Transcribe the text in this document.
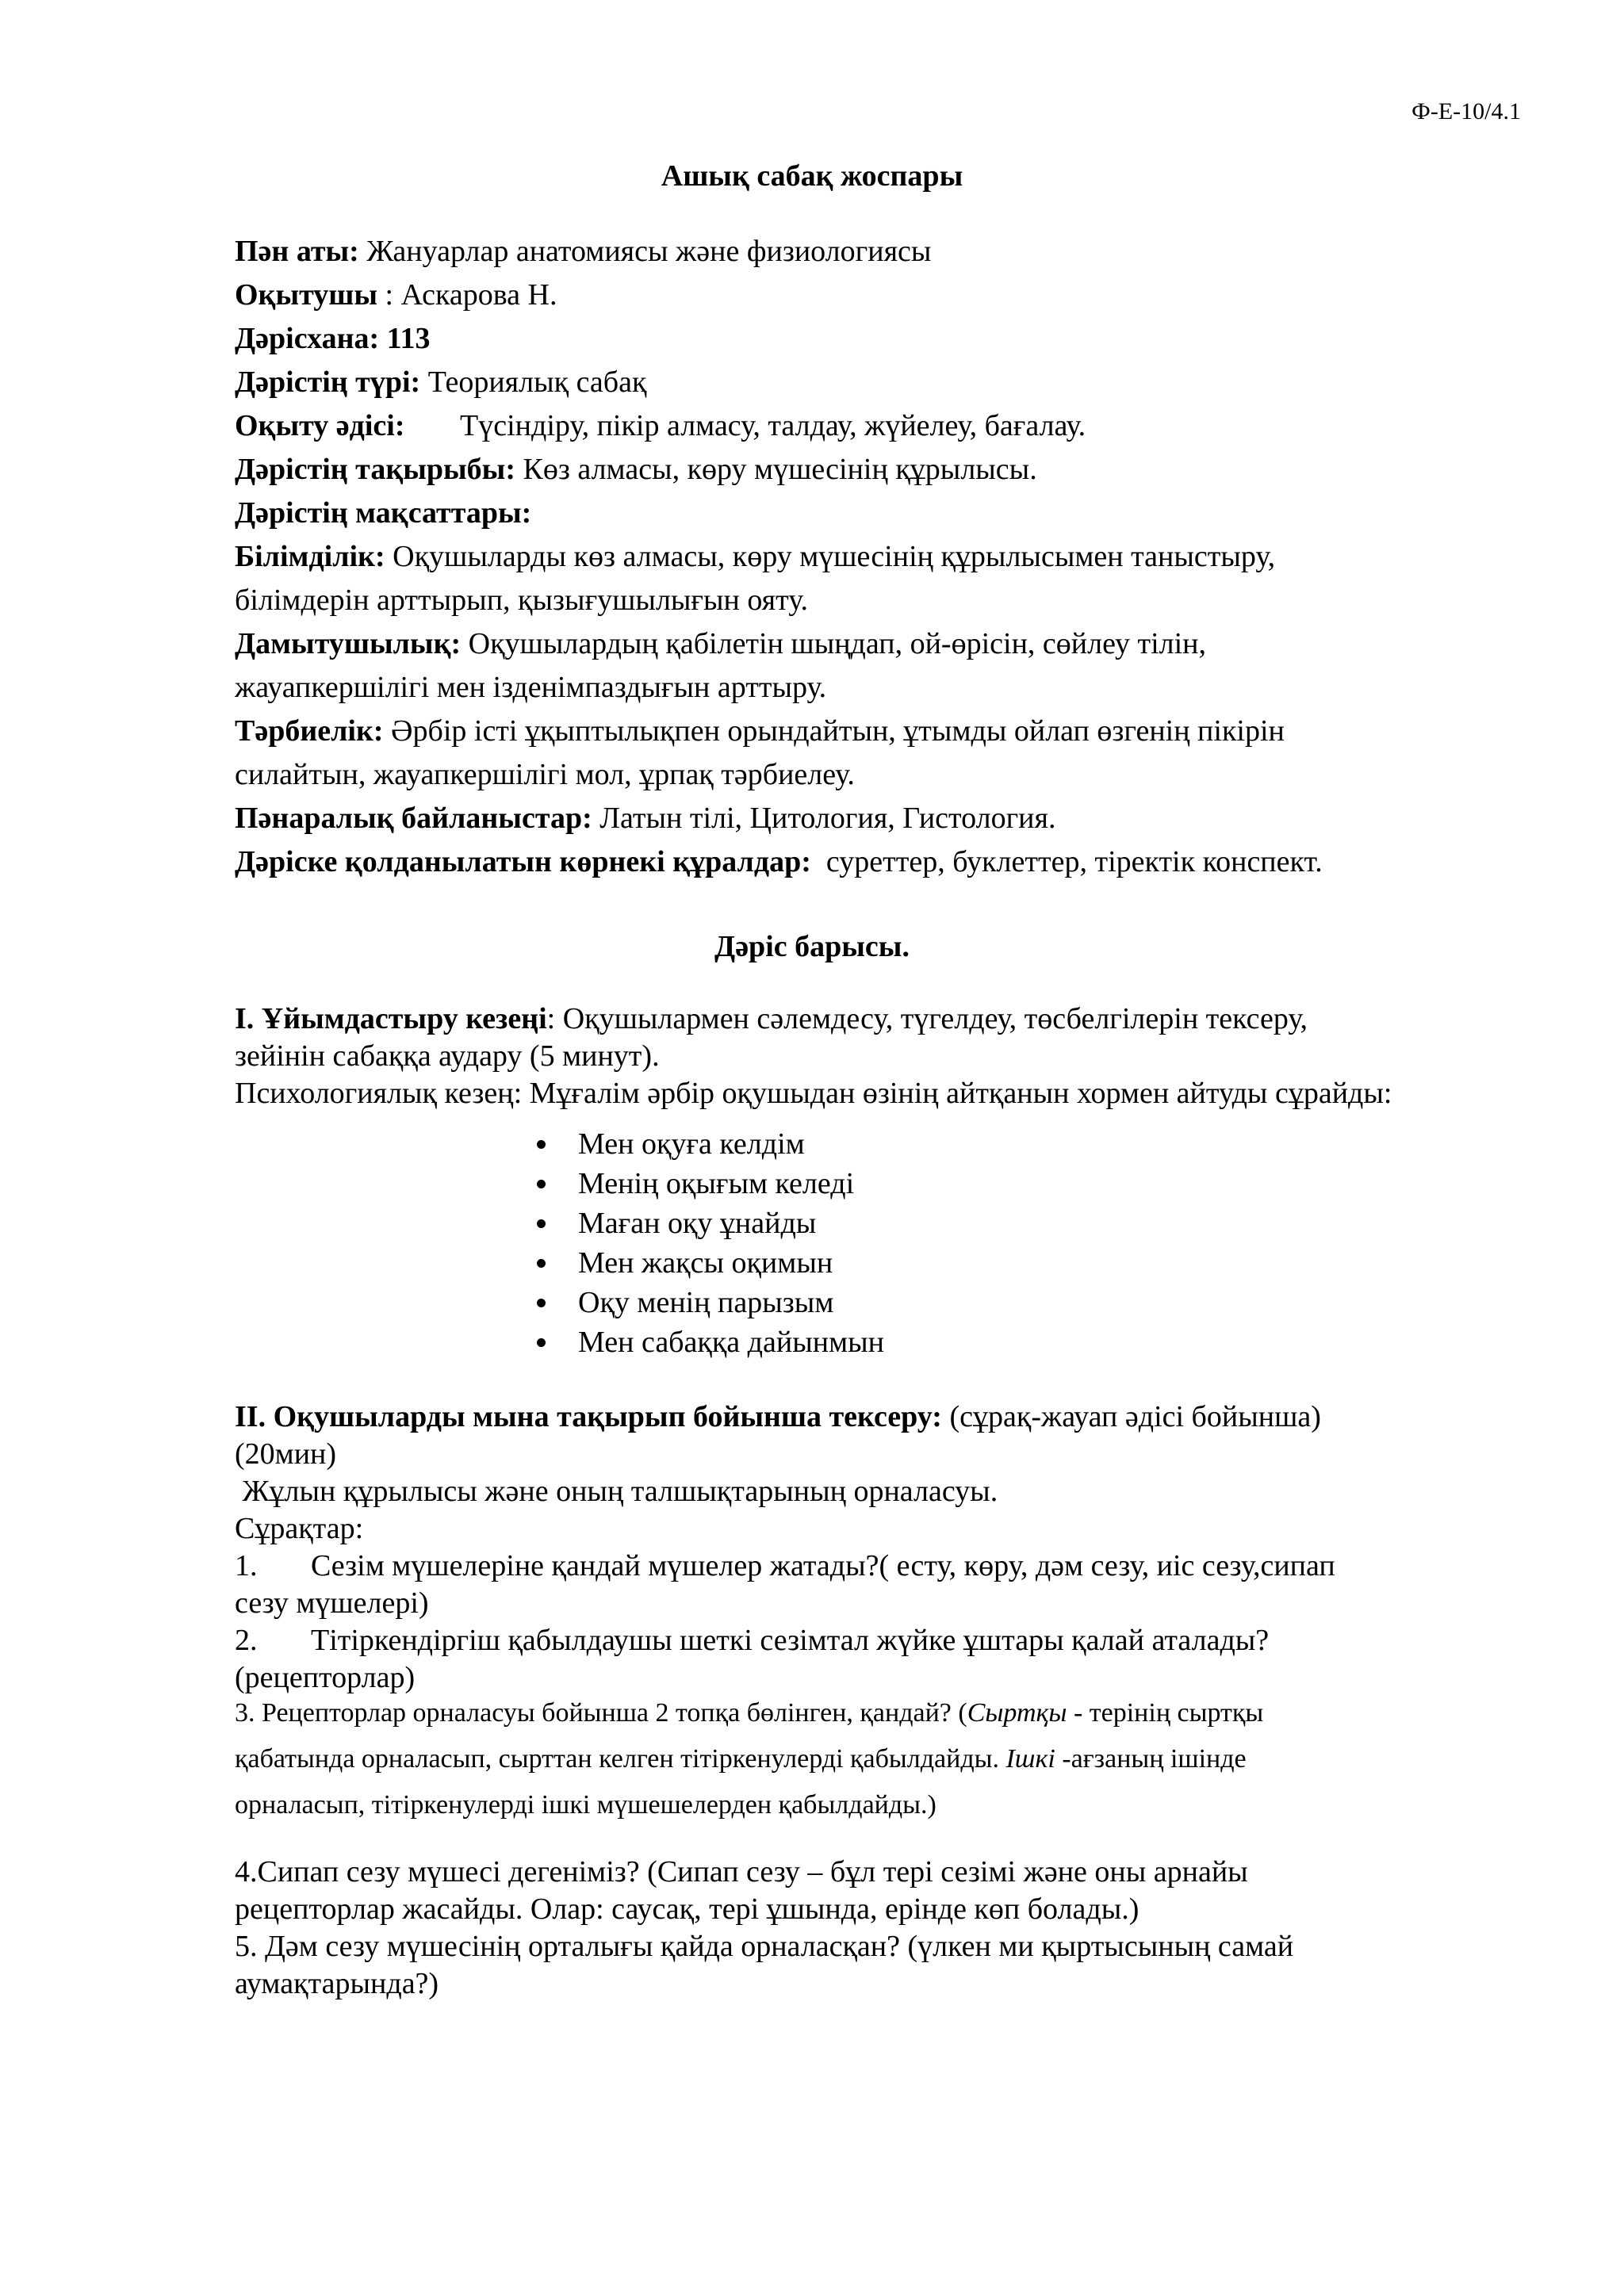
Ф-Е-10/4.1
Ашық сабақ жоспары
Пән аты: Жануарлар анатомиясы және физиологиясы
Оқытушы : Аскарова Н.
Дәрісхана: 113
Дәрістің түрі: Теориялық сабақ
Оқыту әдісі: Түсіндіру, пікір алмасу, талдау, жүйелеу, бағалау.
Дәрістің тақырыбы: Көз алмасы, көру мүшесінің құрылысы.
Дәрістің мақсаттары:
Білімділік: Оқушыларды көз алмасы, көру мүшесінің құрылысымен таныстыру,
білімдерін арттырып, қызығушылығын ояту.
Дамытушылық: Оқушылардың қабілетін шыңдап, ой-өрісін, сөйлеу тілін,
жауапкершілігі мен ізденімпаздығын арттыру.
Тәрбиелік: Әрбір істі ұқыптылықпен орындайтын, ұтымды ойлап өзгенің пікірін
силайтын, жауапкершілігі мол, ұрпақ тәрбиелеу.
Пәнаралық байланыстар: Латын тілі, Цитология, Гистология.
Дәріске қолданылатын көрнекі құралдар: суреттер, буклеттер, тіректік конспект.
Дәріс барысы.
І. Ұйымдастыру кезеңі: Оқушылармен сәлемдесу, түгелдеу, төсбелгілерін тексеру,
зейінін сабаққа аудару (5 минут).
Психологиялық кезең: Мұғалім әрбір оқушыдан өзінің айтқанын хормен айтуды сұрайды:
Мен оқуға келдім
Менің оқығым келеді
Маған оқу ұнайды
Мен жақсы оқимын
Оқу менің парызым
Мен сабаққа дайынмын
ІІ. Оқушыларды мына тақырып бойынша тексеру: (сұрақ-жауап әдісі бойынша)
(20мин)
Жұлын құрылысы және оның талшықтарының орналасуы.
Сұрақтар:
1. Сезім мүшелеріне қандай мүшелер жатады?( есту, көру, дәм сезу, иіс сезу,сипап
сезу мүшелері)
2. Тітіркендіргіш қабылдаушы шеткі сезімтал жүйке ұштары қалай аталады?
(рецепторлар)
3. Рецепторлар орналасуы бойынша 2 топқа бөлінген, қандай? (Сыртқы - терінің сыртқы
қабатында орналасып, сырттан келген тітіркенулерді қабылдайды. Ішкі -ағзаның ішінде
орналасып, тітіркенулерді ішкі мүшешелерден қабылдайды.)
4.Сипап сезу мүшесі дегеніміз? (Сипап сезу – бұл тері сезімі және оны арнайы
рецепторлар жасайды. Олар: саусақ, тері ұшында, ерінде көп болады.)
5. Дәм сезу мүшесінің орталығы қайда орналасқан? (үлкен ми қыртысының самай
аумақтарында?)
